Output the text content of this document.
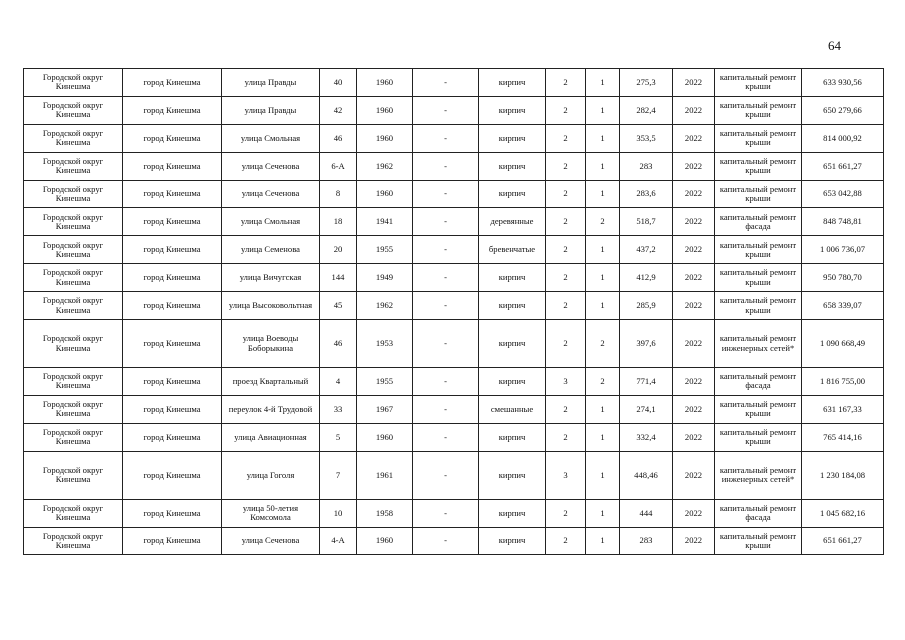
64
Городской округ Кинешма	город Кинешма	улица Правды	40	1960	-	кирпич	2	1	275,3	2022	капитальный ремонт крыши	633 930,56
Городской округ Кинешма	город Кинешма	улица Правды	42	1960	-	кирпич	2	1	282,4	2022	капитальный ремонт крыши	650 279,66
Городской округ Кинешма	город Кинешма	улица Смольная	46	1960	-	кирпич	2	1	353,5	2022	капитальный ремонт крыши	814 000,92
Городской округ Кинешма	город Кинешма	улица Сеченова	6-А	1962	-	кирпич	2	1	283	2022	капитальный ремонт крыши	651 661,27
Городской округ Кинешма	город Кинешма	улица Сеченова	8	1960	-	кирпич	2	1	283,6	2022	капитальный ремонт крыши	653 042,88
Городской округ Кинешма	город Кинешма	улица Смольная	18	1941	-	деревянные	2	2	518,7	2022	капитальный ремонт фасада	848 748,81
Городской округ Кинешма	город Кинешма	улица Семенова	20	1955	-	бревенчатые	2	1	437,2	2022	капитальный ремонт крыши	1 006 736,07
Городской округ Кинешма	город Кинешма	улица Вичугская	144	1949	-	кирпич	2	1	412,9	2022	капитальный ремонт крыши	950 780,70
Городской округ Кинешма	город Кинешма	улица Высоковольтная	45	1962	-	кирпич	2	1	285,9	2022	капитальный ремонт крыши	658 339,07
Городской округ Кинешма	город Кинешма	улица Воеводы Боборыкина	46	1953	-	кирпич	2	2	397,6	2022	капитальный ремонт инженерных сетей*	1 090 668,49
Городской округ Кинешма	город Кинешма	проезд Квартальный	4	1955	-	кирпич	3	2	771,4	2022	капитальный ремонт фасада	1 816 755,00
Городской округ Кинешма	город Кинешма	переулок 4-й Трудовой	33	1967	-	смешанные	2	1	274,1	2022	капитальный ремонт крыши	631 167,33
Городской округ Кинешма	город Кинешма	улица Авиационная	5	1960	-	кирпич	2	1	332,4	2022	капитальный ремонт крыши	765 414,16
Городской округ Кинешма	город Кинешма	улица Гоголя	7	1961	-	кирпич	3	1	448,46	2022	капитальный ремонт инженерных сетей*	1 230 184,08
Городской округ Кинешма	город Кинешма	улица 50-летия Комсомола	10	1958	-	кирпич	2	1	444	2022	капитальный ремонт фасада	1 045 682,16
Городской округ Кинешма	город Кинешма	улица Сеченова	4-А	1960	-	кирпич	2	1	283	2022	капитальный ремонт крыши	651 661,27
